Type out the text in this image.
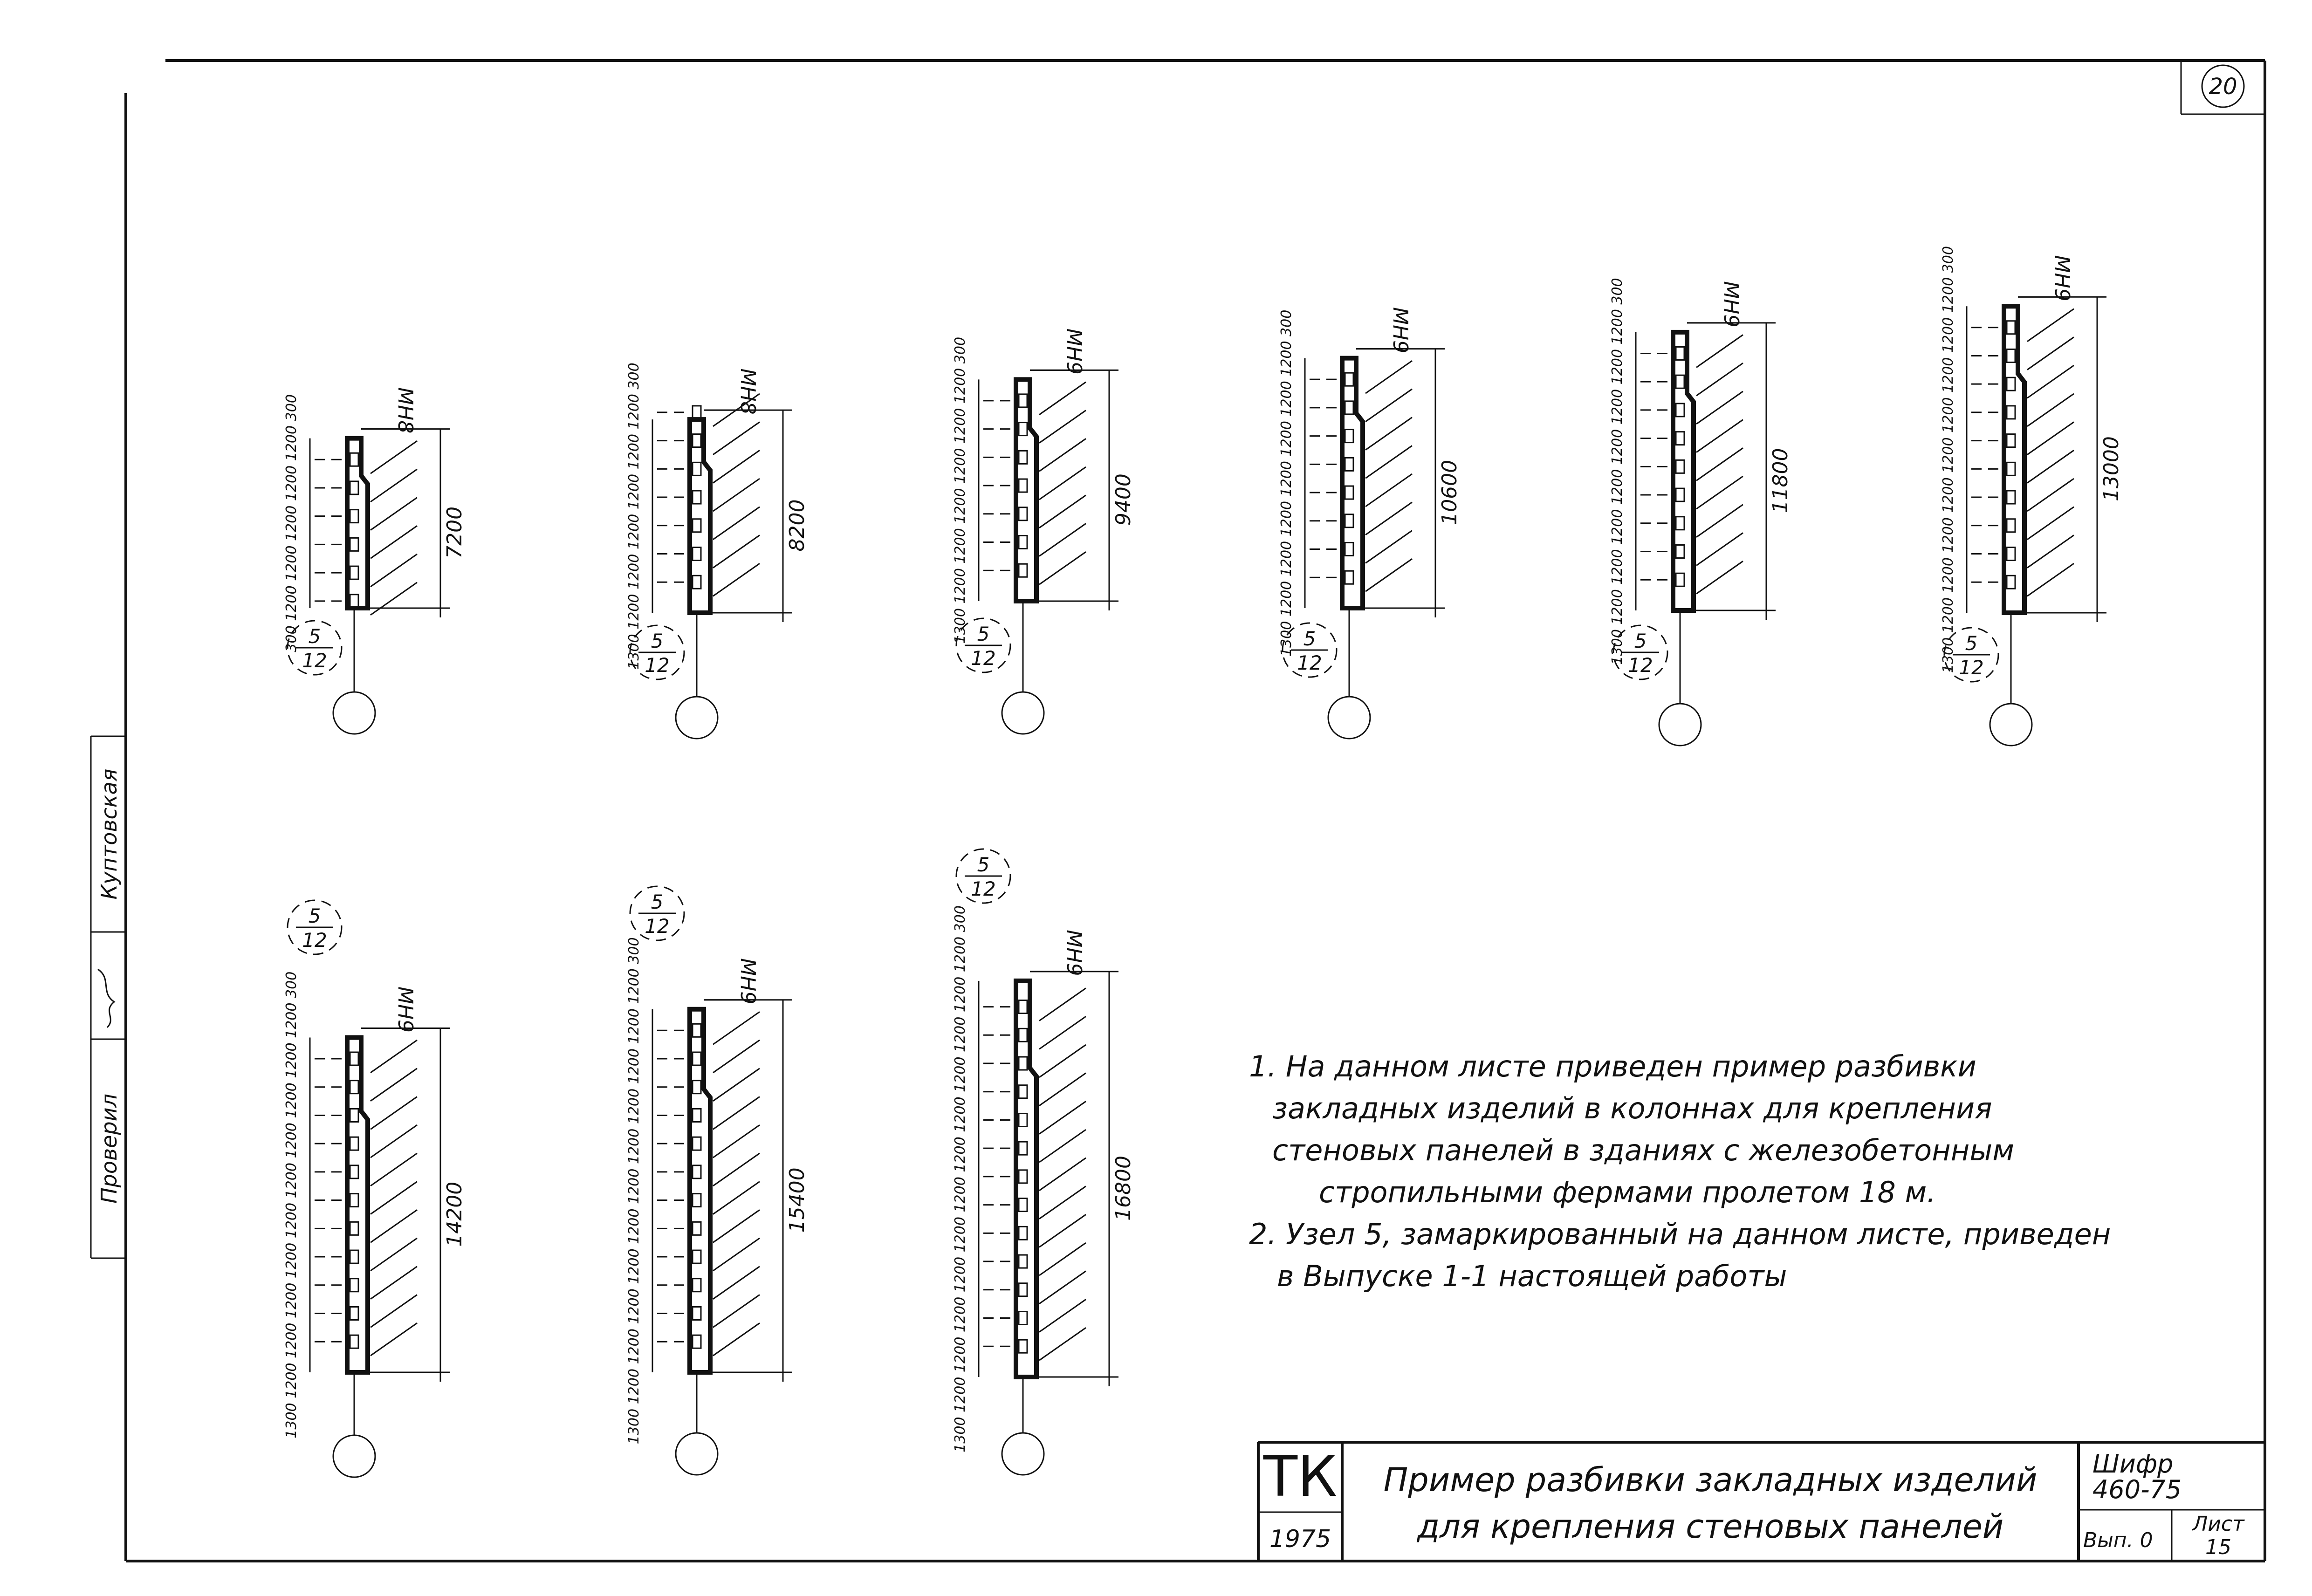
20
Куптовская
Проверил
300 1200 1200 1200 1200 1200 300	7200
МН8
5
12	1300 1200 1200 1200 1200 1200 1200 300	8200
МН8
5
12
1300 1200 1200 1200 1200 1200 1200 300	9400
МН9
5
12
1300 1200 1200 1200 1200 1200 1200 1200 300	10600
МН9
5
12	1300 1200 1200 1200 1200 1200 1200 1200 1200 300	11800
МН9
5
12	1300 1200 1200 1200 1200 1200 1200 1200 1200 1200 300	13000
МН9
5
12
1300 1200 1200 1200 1200 1200 1200 1200 1200 1200 1200 300	14200
МН9
5
12	1300 1200 1200 1200 1200 1200 1200 1200 1200 1200 1200 1200 300	15400
МН9
5
12	1300 1200 1200 1200 1200 1200 1200 1200 1200 1200 1200 1200 1200 300	16800
МН9
5
12
1. На данном листе приведен пример разбивки
закладных изделий в колоннах для крепления
стеновых панелей в зданиях с железобетонным
стропильными фермами пролетом 18 м.
2. Узел 5, замаркированный на данном листе, приведен
в Выпуске 1-1 настоящей работы
ТК
1975
Пример разбивки закладных изделий
для крепления стеновых панелей
Шифр
460-75
Вып. 0
Лист
15
